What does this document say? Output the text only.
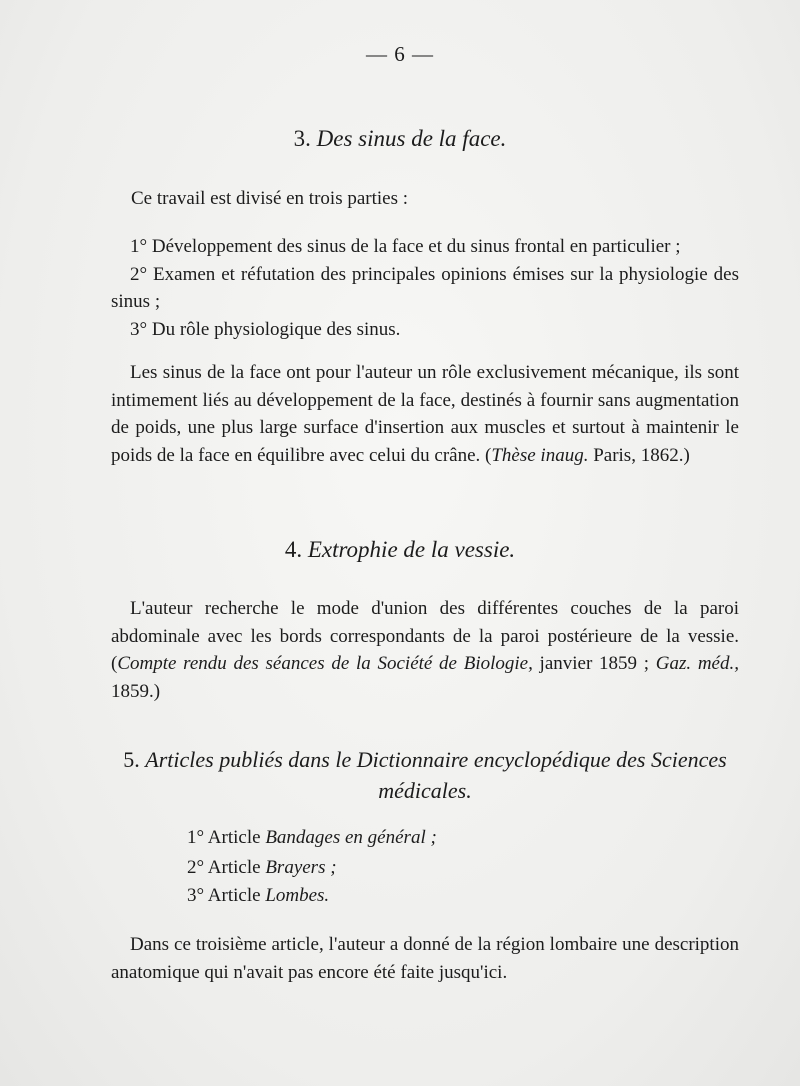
— 6 —
3. Des sinus de la face.
Ce travail est divisé en trois parties :
1° Développement des sinus de la face et du sinus frontal en particulier ;
2° Examen et réfutation des principales opinions émises sur la physiologie des sinus ;
3° Du rôle physiologique des sinus.
Les sinus de la face ont pour l'auteur un rôle exclusivement mécanique, ils sont intimement liés au développement de la face, destinés à fournir sans augmentation de poids, une plus large surface d'insertion aux muscles et surtout à maintenir le poids de la face en équilibre avec celui du crâne. (Thèse inaug. Paris, 1862.)
4. Extrophie de la vessie.
L'auteur recherche le mode d'union des différentes couches de la paroi abdominale avec les bords correspondants de la paroi postérieure de la vessie. (Compte rendu des séances de la Société de Biologie, janvier 1859 ; Gaz. méd., 1859.)
5. Articles publiés dans le Dictionnaire encyclopédique des Sciences médicales.
1° Article Bandages en général ;
2° Article Brayers ;
3° Article Lombes.
Dans ce troisième article, l'auteur a donné de la région lombaire une description anatomique qui n'avait pas encore été faite jusqu'ici.
